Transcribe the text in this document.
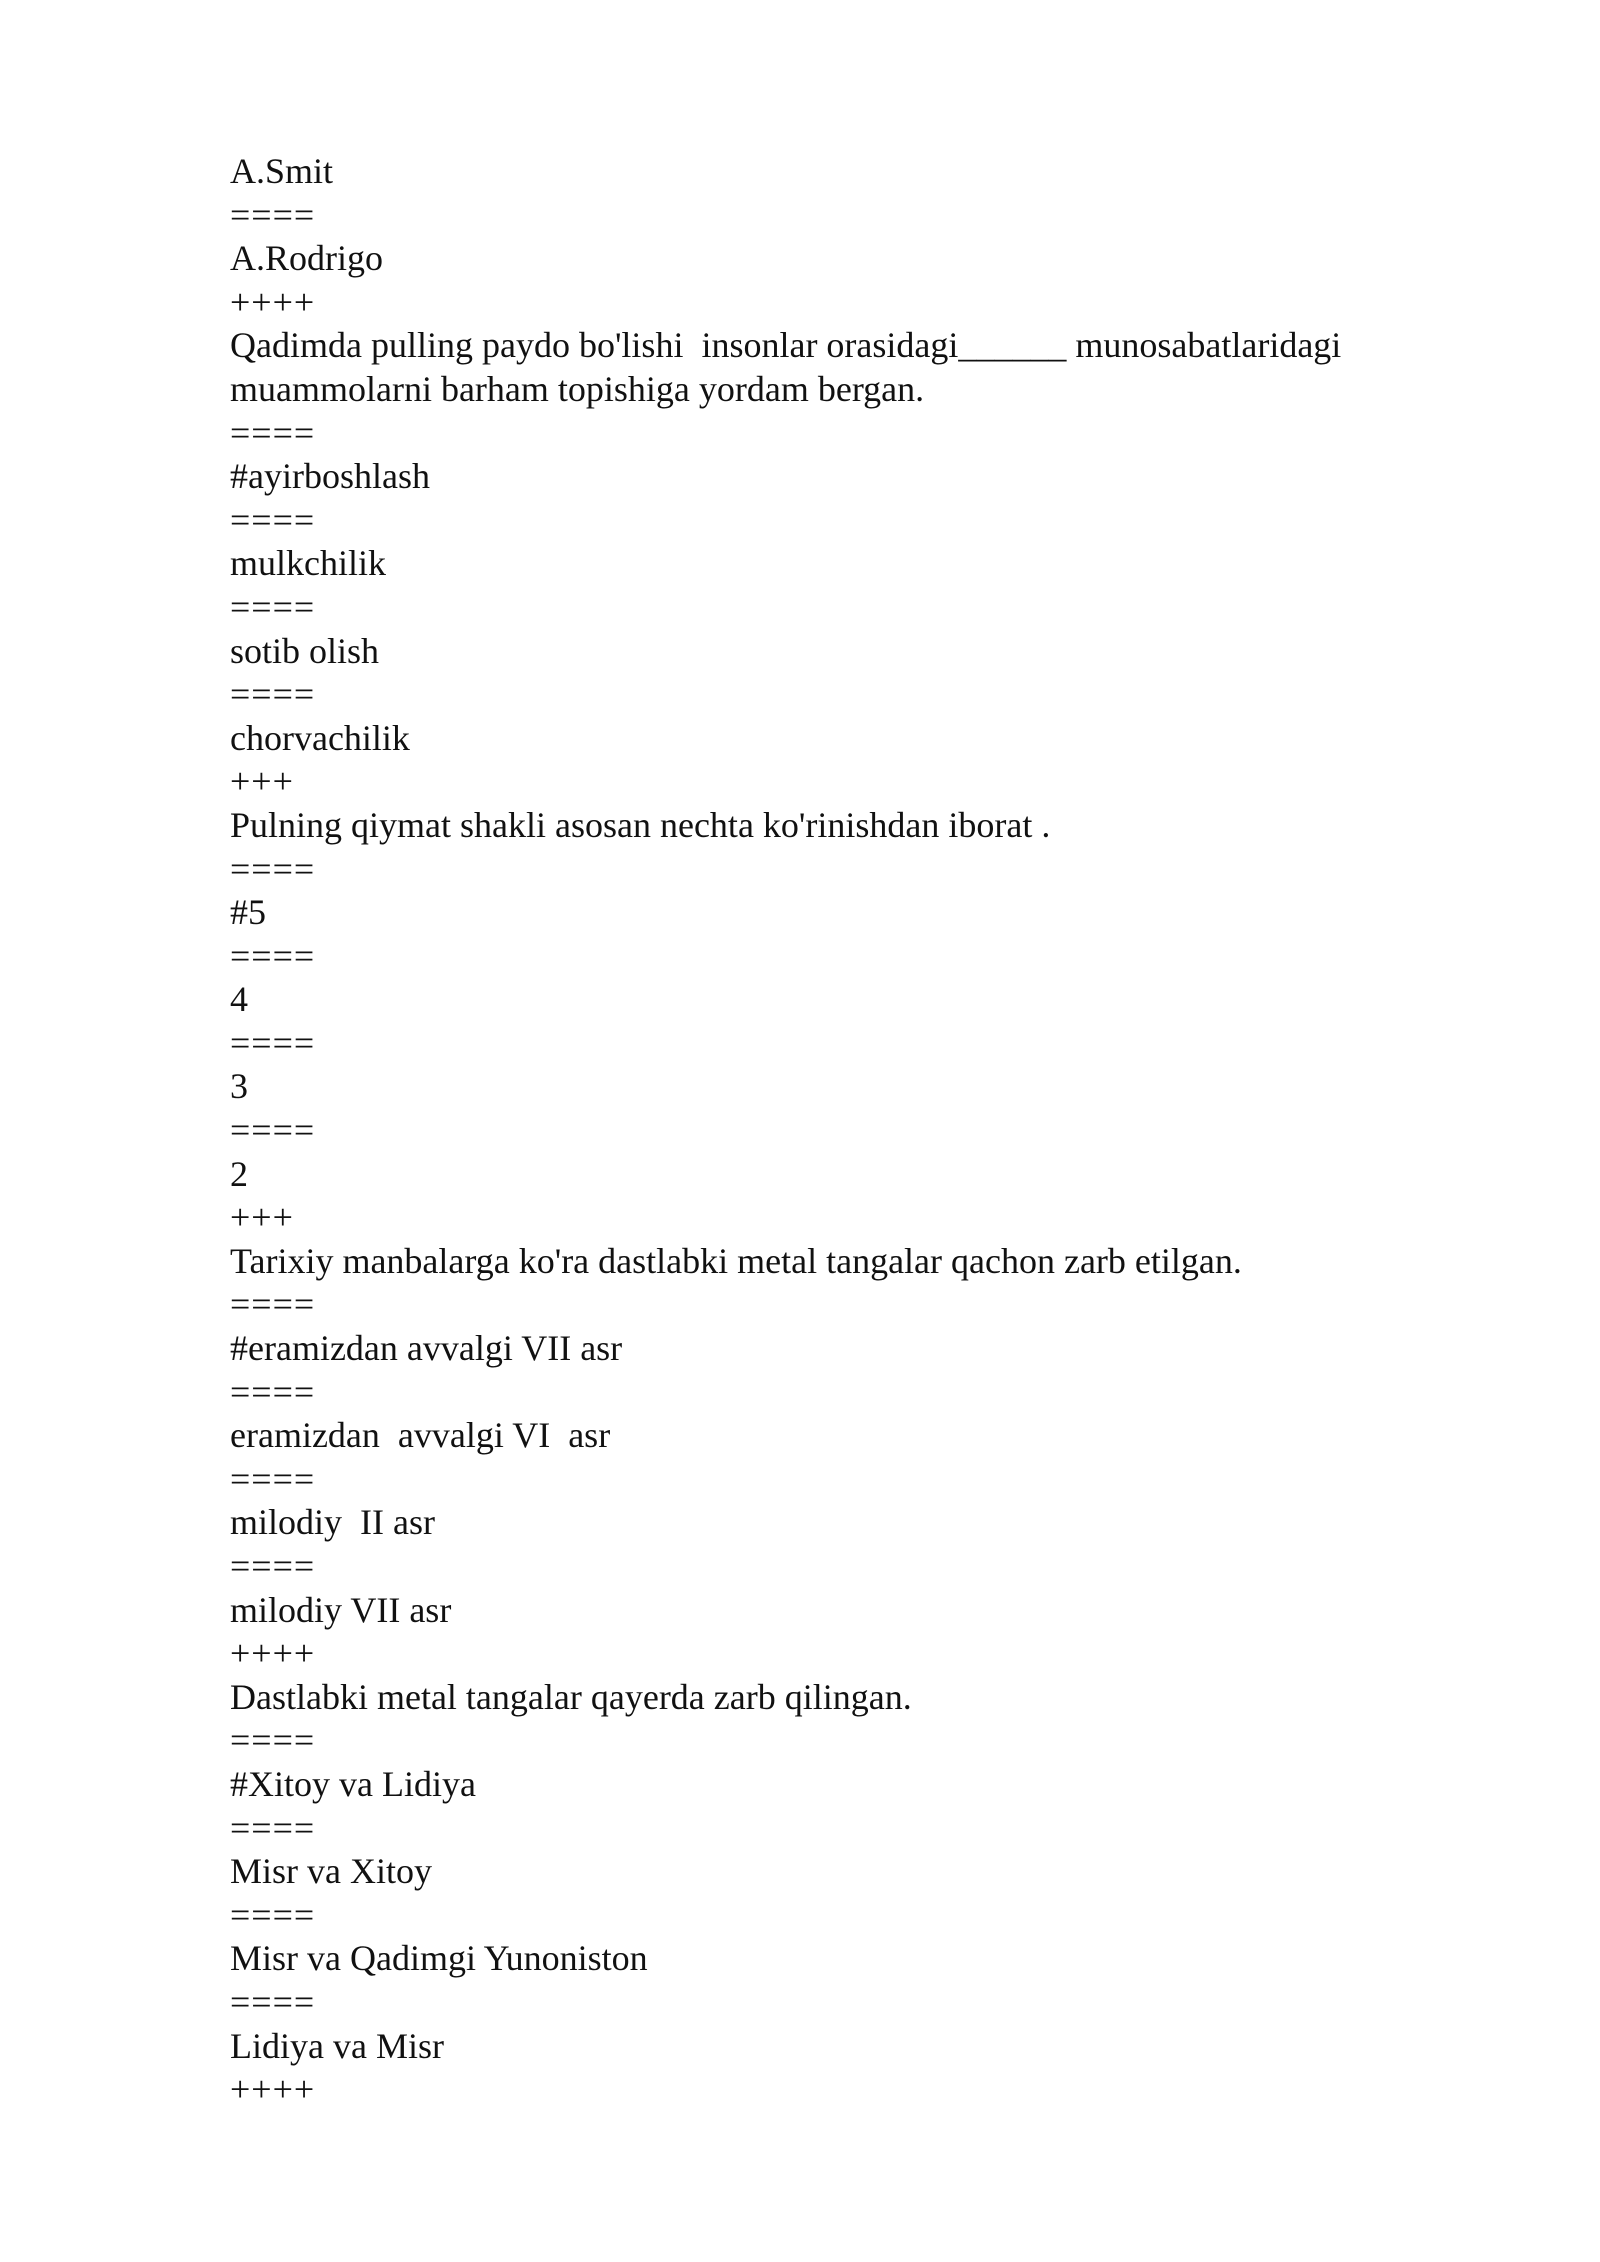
A.Smit
====
A.Rodrigo
++++
Qadimda pulling paydo bo'lishi  insonlar orasidagi______ munosabatlaridagi muammolarni barham topishiga yordam bergan.
====
#ayirboshlash
====
mulkchilik
====
sotib olish
====
chorvachilik
+++
Pulning qiymat shakli asosan nechta ko'rinishdan iborat .
====
#5
====
4
====
3
====
2
+++
Tarixiy manbalarga ko'ra dastlabki metal tangalar qachon zarb etilgan.
====
#eramizdan avvalgi VII asr
====
eramizdan  avvalgi VI  asr
====
milodiy  II asr
====
milodiy VII asr
++++
Dastlabki metal tangalar qayerda zarb qilingan.
====
#Xitoy va Lidiya
====
Misr va Xitoy
====
Misr va Qadimgi Yunoniston
====
Lidiya va Misr
++++
